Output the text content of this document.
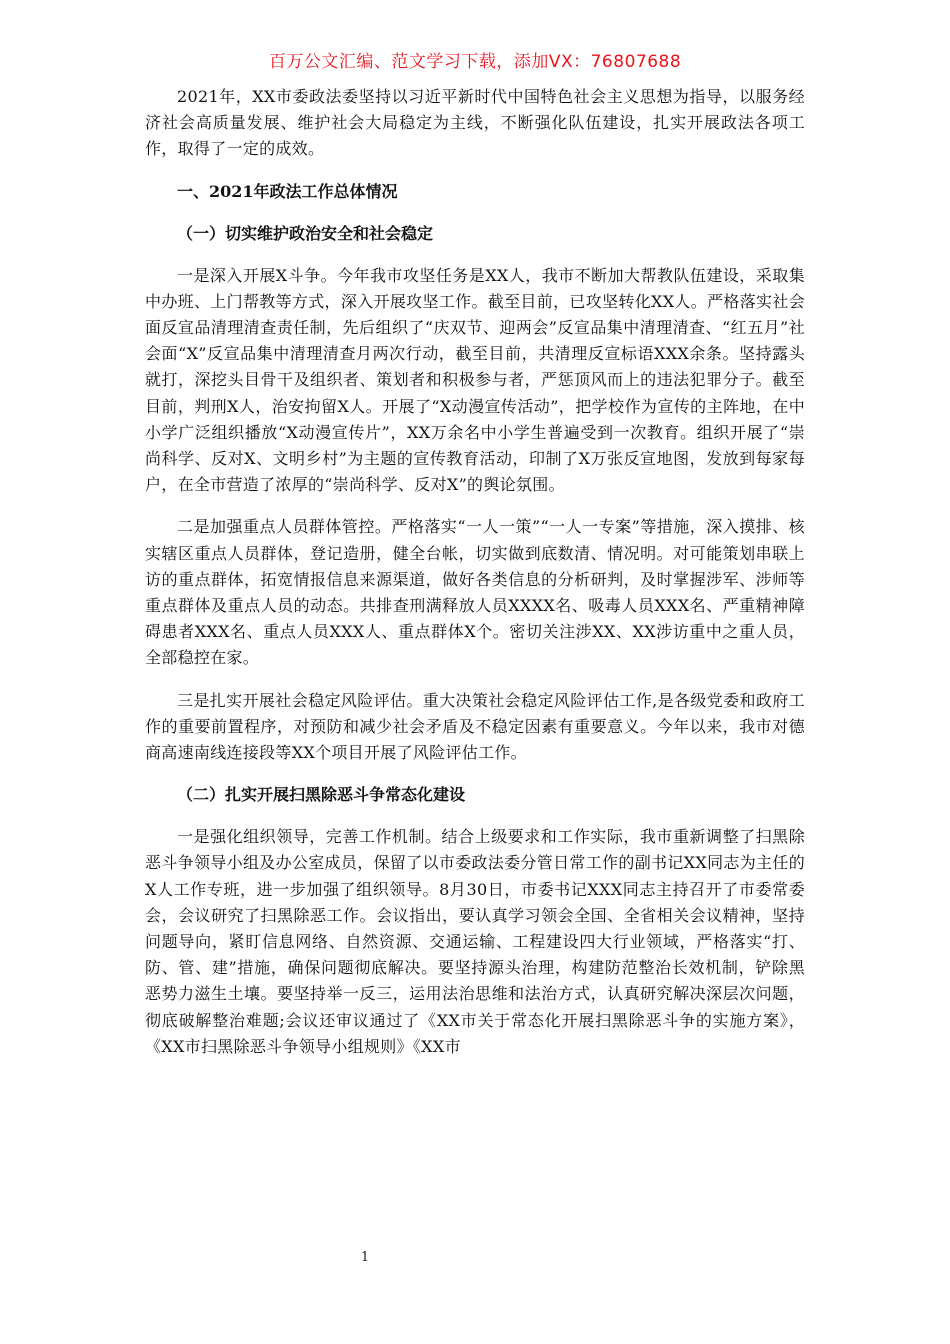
百万公文汇编、范文学习下载，添加VX：76807688

2021年，XX市委政法委坚持以习近平新时代中国特色社会主义思想为指导，以服务经济社会高质量发展、维护社会大局稳定为主线，不断强化队伍建设，扎实开展政法各项工作，取得了一定的成效。

一、2021年政法工作总体情况

（一）切实维护政治安全和社会稳定

一是深入开展X斗争。今年我市攻坚任务是XX人，我市不断加大帮教队伍建设，采取集中办班、上门帮教等方式，深入开展攻坚工作。截至目前，已攻坚转化XX人。严格落实社会面反宣品清理清查责任制，先后组织了“庆双节、迎两会”反宣品集中清理清查、“红五月”社会面“X”反宣品集中清理清查月两次行动，截至目前，共清理反宣标语XXX余条。坚持露头就打，深挖头目骨干及组织者、策划者和积极参与者，严惩顶风而上的违法犯罪分子。截至目前，判刑X人，治安拘留X人。开展了“X动漫宣传活动”，把学校作为宣传的主阵地，在中小学广泛组织播放“X动漫宣传片”，XX万余名中小学生普遍受到一次教育。组织开展了“崇尚科学、反对X、文明乡村”为主题的宣传教育活动，印制了X万张反宣地图，发放到每家每户，在全市营造了浓厚的“崇尚科学、反对X”的舆论氛围。

二是加强重点人员群体管控。严格落实“一人一策”“一人一专案”等措施，深入摸排、核实辖区重点人员群体，登记造册，健全台帐，切实做到底数清、情况明。对可能策划串联上访的重点群体，拓宽情报信息来源渠道，做好各类信息的分析研判，及时掌握涉军、涉师等重点群体及重点人员的动态。共排查刑满释放人员XXXX名、吸毒人员XXX名、严重精神障碍患者XXX名、重点人员XXX人、重点群体X个。密切关注涉XX、XX涉访重中之重人员，全部稳控在家。

三是扎实开展社会稳定风险评估。重大决策社会稳定风险评估工作,是各级党委和政府工作的重要前置程序，对预防和减少社会矛盾及不稳定因素有重要意义。今年以来，我市对德商高速南线连接段等XX个项目开展了风险评估工作。

（二）扎实开展扫黑除恶斗争常态化建设

一是强化组织领导，完善工作机制。结合上级要求和工作实际，我市重新调整了扫黑除恶斗争领导小组及办公室成员，保留了以市委政法委分管日常工作的副书记XX同志为主任的X人工作专班，进一步加强了组织领导。8月30日，市委书记XXX同志主持召开了市委常委会，会议研究了扫黑除恶工作。会议指出，要认真学习领会全国、全省相关会议精神，坚持问题导向，紧盯信息网络、自然资源、交通运输、工程建设四大行业领域，严格落实“打、防、管、建”措施，确保问题彻底解决。要坚持源头治理，构建防范整治长效机制，铲除黑恶势力滋生土壤。要坚持举一反三，运用法治思维和法治方式，认真研究解决深层次问题，彻底破解整治难题;会议还审议通过了《XX市关于常态化开展扫黑除恶斗争的实施方案》，《XX市扫黑除恶斗争领导小组规则》《XX市

1
